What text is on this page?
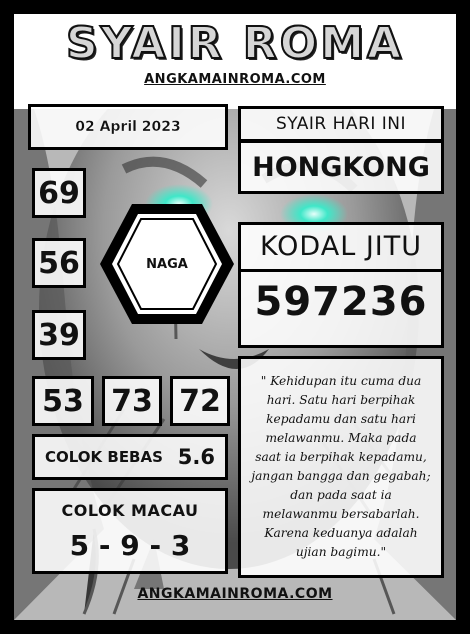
SYAIR ROMA
ANGKAMAINROMA.COM
02 April 2023	SYAIR HARI INI
HONGKONG
69
56
39
53 73 72
NAGA
KODAL JITU
597236

" Kehidupan itu cuma dua hari. Satu hari berpihak kepadamu dan satu hari melawanmu. Maka pada saat ia berpihak kepadamu, jangan bangga dan gegabah; dan pada saat ia melawanmu bersabarlah. Karena keduanya adalah ujian bagimu."

COLOK BEBAS 5.6
COLOK MACAU
5 - 9 - 3
ANGKAMAINROMA.COM
